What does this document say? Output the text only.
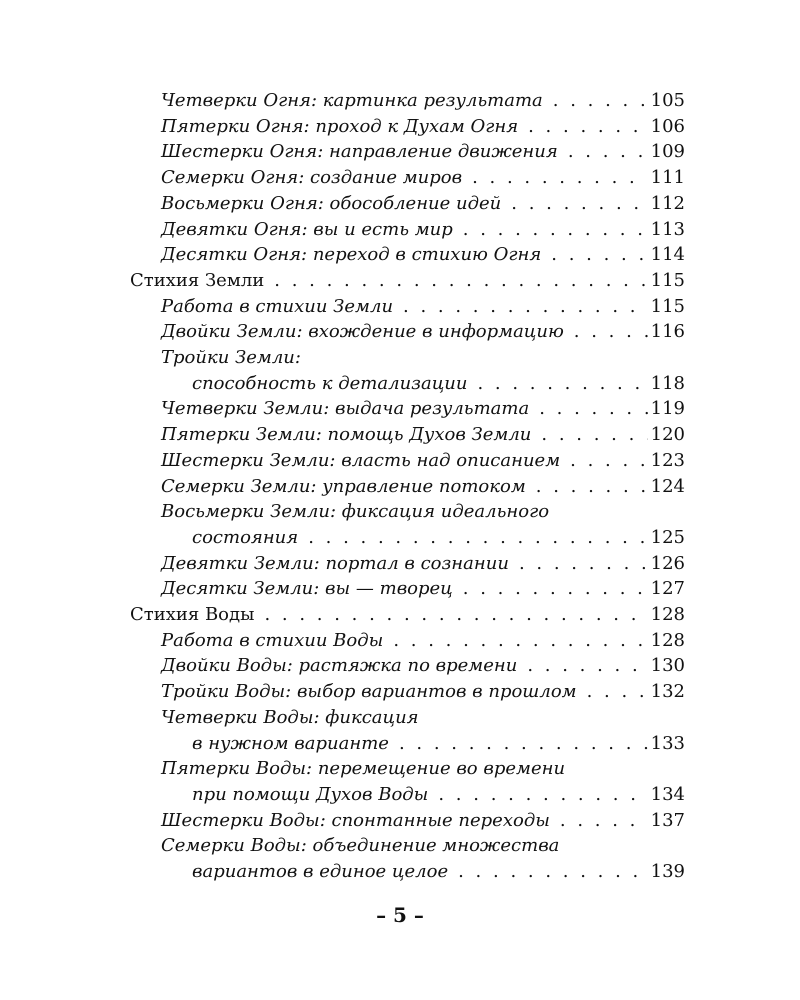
Четверки Огня: картинка результата . . .	105
Пятерки Огня: проход к Духам Огня . . .	106
Шестерки Огня: направление движения . . .	109
Семерки Огня: создание миров . . .	111
Восьмерки Огня: обособление идей . . .	112
Девятки Огня: вы и есть мир . . .	113
Десятки Огня: переход в стихию Огня . . .	114
Стихия Земли . . .	115
Работа в стихии Земли . . .	115
Двойки Земли: вхождение в информацию . . .	116
Тройки Земли:
способность к детализации . . .	118
Четверки Земли: выдача результата . . .	119
Пятерки Земли: помощь Духов Земли . . .	120
Шестерки Земли: власть над описанием . . .	123
Семерки Земли: управление потоком . . .	124
Восьмерки Земли: фиксация идеального
состояния . . .	125
Девятки Земли: портал в сознании . . .	126
Десятки Земли: вы — творец . . .	127
Стихия Воды . . .	128
Работа в стихии Воды . . .	128
Двойки Воды: растяжка по времени . . .	130
Тройки Воды: выбор вариантов в прошлом . . .	132
Четверки Воды: фиксация
в нужном варианте . . .	133
Пятерки Воды: перемещение во времени
при помощи Духов Воды . . .	134
Шестерки Воды: спонтанные переходы . . .	137
Семерки Воды: объединение множества
вариантов в единое целое . . .	139
– 5 –
